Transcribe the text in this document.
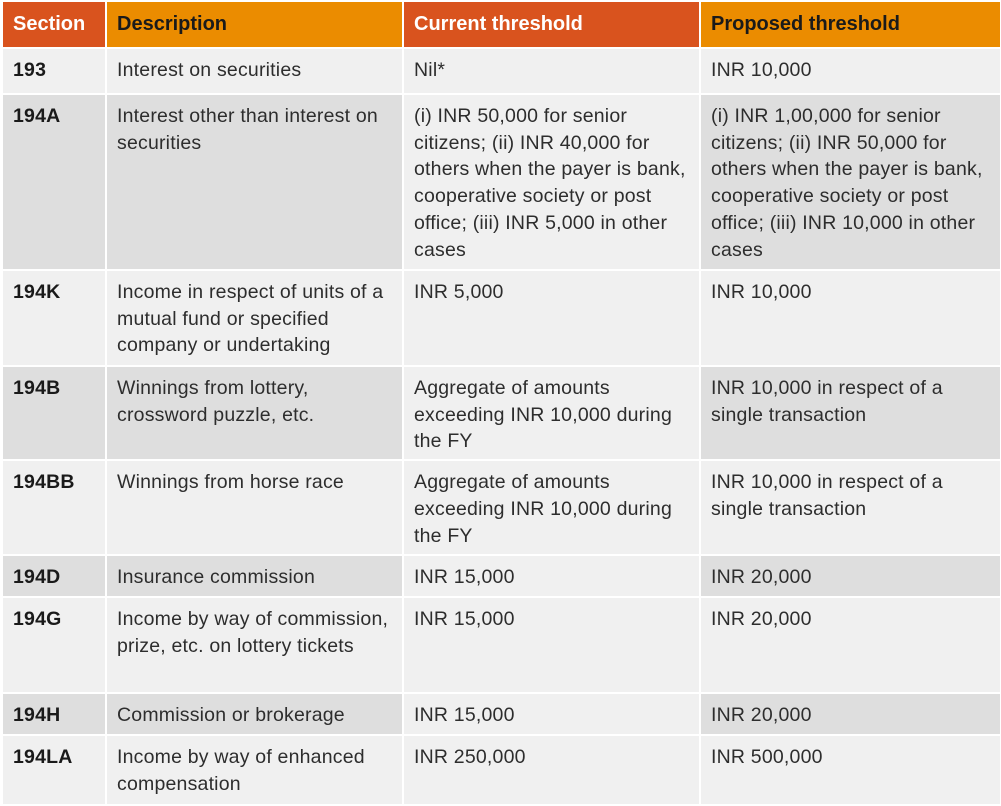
Section	Description	Current threshold	Proposed threshold
193	Interest on securities	Nil*	INR 10,000
194A	Interest other than interest on securities	(i) INR 50,000 for senior citizens; (ii) INR 40,000 for others when the payer is bank, cooperative society or post office; (iii) INR 5,000 in other cases	(i) INR 1,00,000 for senior citizens; (ii) INR 50,000 for others when the payer is bank, cooperative society or post office; (iii) INR 10,000 in other cases
194K	Income in respect of units of a mutual fund or specified company or undertaking	INR 5,000	INR 10,000
194B	Winnings from lottery, crossword puzzle, etc.	Aggregate of amounts exceeding INR 10,000 during the FY	INR 10,000 in respect of a single transaction
194BB	Winnings from horse race	Aggregate of amounts exceeding INR 10,000 during the FY	INR 10,000 in respect of a single transaction
194D	Insurance commission	INR 15,000	INR 20,000
194G	Income by way of commission, prize, etc. on lottery tickets	INR 15,000	INR 20,000
194H	Commission or brokerage	INR 15,000	INR 20,000
194LA	Income by way of enhanced compensation	INR 250,000	INR 500,000
